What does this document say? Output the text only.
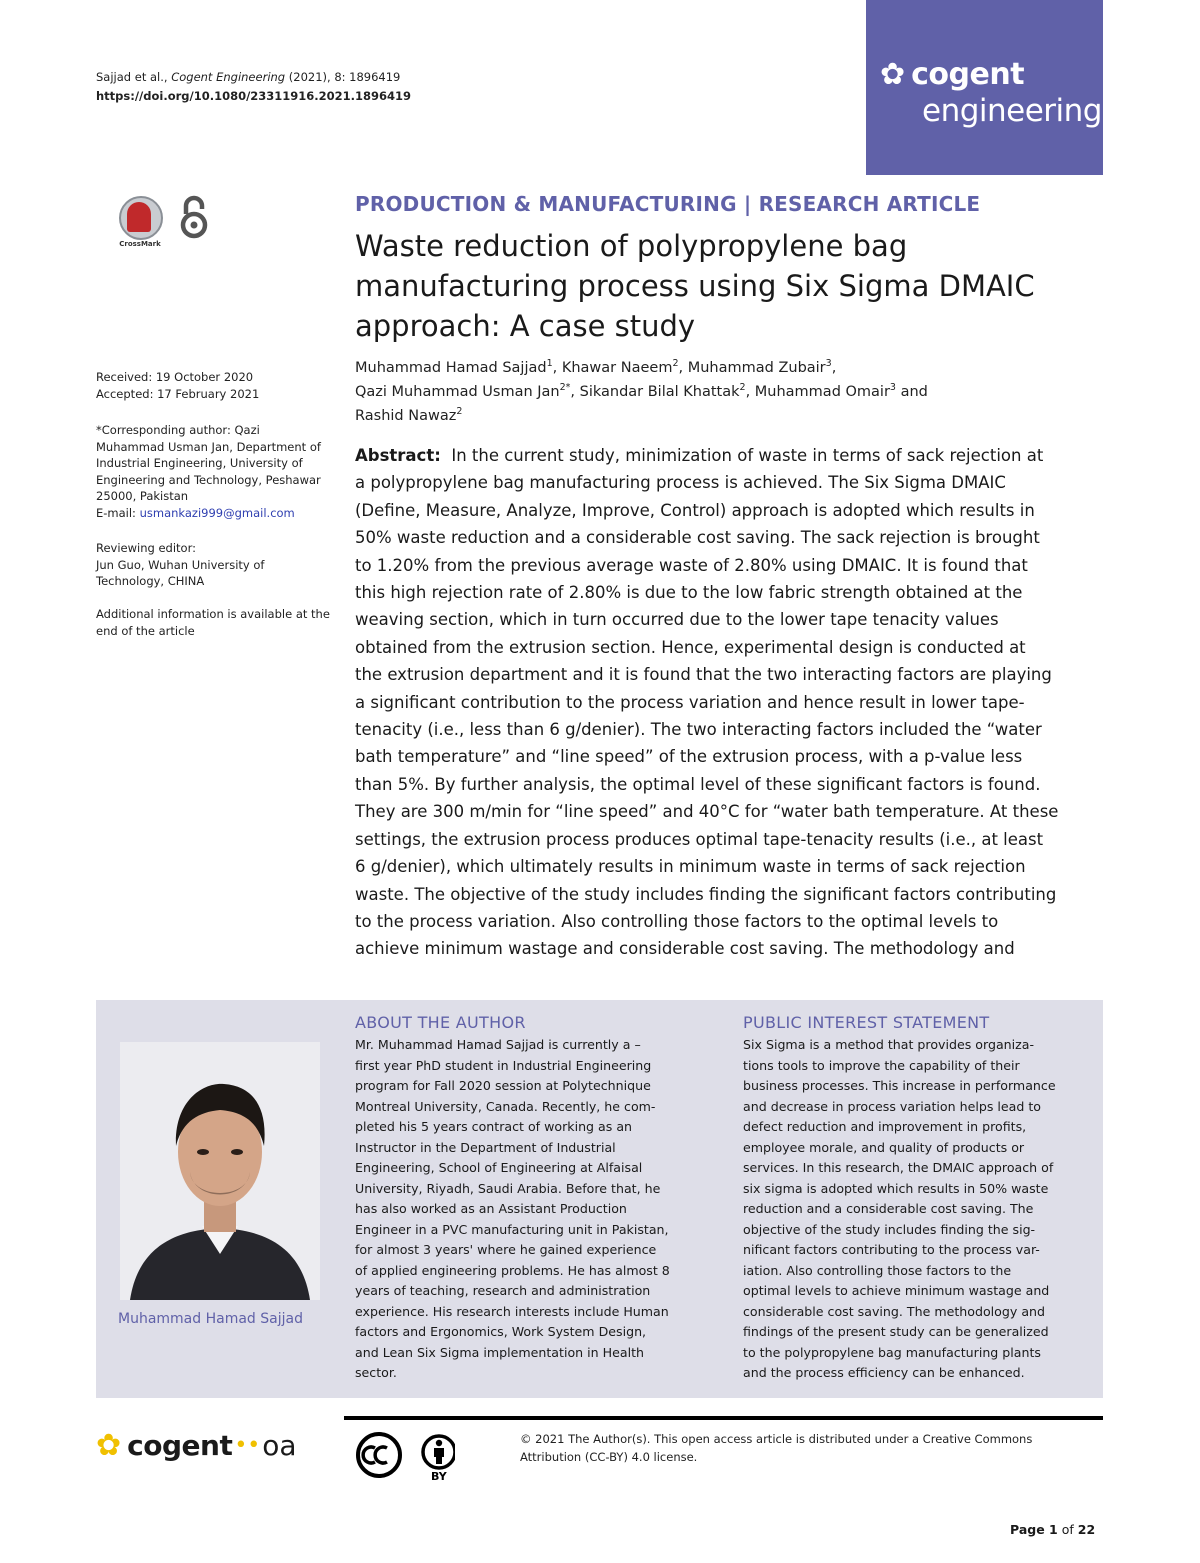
Sajjad et al., Cogent Engineering (2021), 8: 1896419
https://doi.org/10.1080/23311916.2021.1896419
✿ cogent
engineering
CrossMark
Received: 19 October 2020
Accepted: 17 February 2021
*Corresponding author: Qazi Muhammad Usman Jan, Department of Industrial Engineering, University of Engineering and Technology, Peshawar 25000, Pakistan
E-mail: usmankazi999@gmail.com
Reviewing editor:
Jun Guo, Wuhan University of Technology, CHINA
Additional information is available at the end of the article
PRODUCTION & MANUFACTURING | RESEARCH ARTICLE
Waste reduction of polypropylene bag manufacturing process using Six Sigma DMAIC approach: A case study
Muhammad Hamad Sajjad$^1$, Khawar Naeem$^2$, Muhammad Zubair$^3$,
Qazi Muhammad Usman Jan$^{2*}$, Sikandar Bilal Khattak$^2$, Muhammad Omair$^3$ and
Rashid Nawaz$^2$
Abstract: In the current study, minimization of waste in terms of sack rejection at
a polypropylene bag manufacturing process is achieved. The Six Sigma DMAIC
(Define, Measure, Analyze, Improve, Control) approach is adopted which results in
50% waste reduction and a considerable cost saving. The sack rejection is brought
to 1.20% from the previous average waste of 2.80% using DMAIC. It is found that
this high rejection rate of 2.80% is due to the low fabric strength obtained at the
weaving section, which in turn occurred due to the lower tape tenacity values
obtained from the extrusion section. Hence, experimental design is conducted at
the extrusion department and it is found that the two interacting factors are playing
a significant contribution to the process variation and hence result in lower tape-
tenacity (i.e., less than 6 g/denier). The two interacting factors included the “water
bath temperature” and “line speed” of the extrusion process, with a p-value less
than 5%. By further analysis, the optimal level of these significant factors is found.
They are 300 m/min for “line speed” and 40°C for “water bath temperature. At these
settings, the extrusion process produces optimal tape-tenacity results (i.e., at least
6 g/denier), which ultimately results in minimum waste in terms of sack rejection
waste. The objective of the study includes finding the significant factors contributing
to the process variation. Also controlling those factors to the optimal levels to
achieve minimum wastage and considerable cost saving. The methodology and
Muhammad Hamad Sajjad
ABOUT THE AUTHOR
Mr. Muhammad Hamad Sajjad is currently a –
first year PhD student in Industrial Engineering
program for Fall 2020 session at Polytechnique
Montreal University, Canada. Recently, he com-
pleted his 5 years contract of working as an
Instructor in the Department of Industrial
Engineering, School of Engineering at Alfaisal
University, Riyadh, Saudi Arabia. Before that, he
has also worked as an Assistant Production
Engineer in a PVC manufacturing unit in Pakistan,
for almost 3 years' where he gained experience
of applied engineering problems. He has almost 8
years of teaching, research and administration
experience. His research interests include Human
factors and Ergonomics, Work System Design,
and Lean Six Sigma implementation in Health
sector.
PUBLIC INTEREST STATEMENT
Six Sigma is a method that provides organiza-
tions tools to improve the capability of their
business processes. This increase in performance
and decrease in process variation helps lead to
defect reduction and improvement in profits,
employee morale, and quality of products or
services. In this research, the DMAIC approach of
six sigma is adopted which results in 50% waste
reduction and a considerable cost saving. The
objective of the study includes finding the sig-
nificant factors contributing to the process var-
iation. Also controlling those factors to the
optimal levels to achieve minimum wastage and
considerable cost saving. The methodology and
findings of the present study can be generalized
to the polypropylene bag manufacturing plants
and the process efficiency can be enhanced.
✿ cogent •• oa
BY
© 2021 The Author(s). This open access article is distributed under a Creative Commons
Attribution (CC-BY) 4.0 license.
Page 1 of 22
